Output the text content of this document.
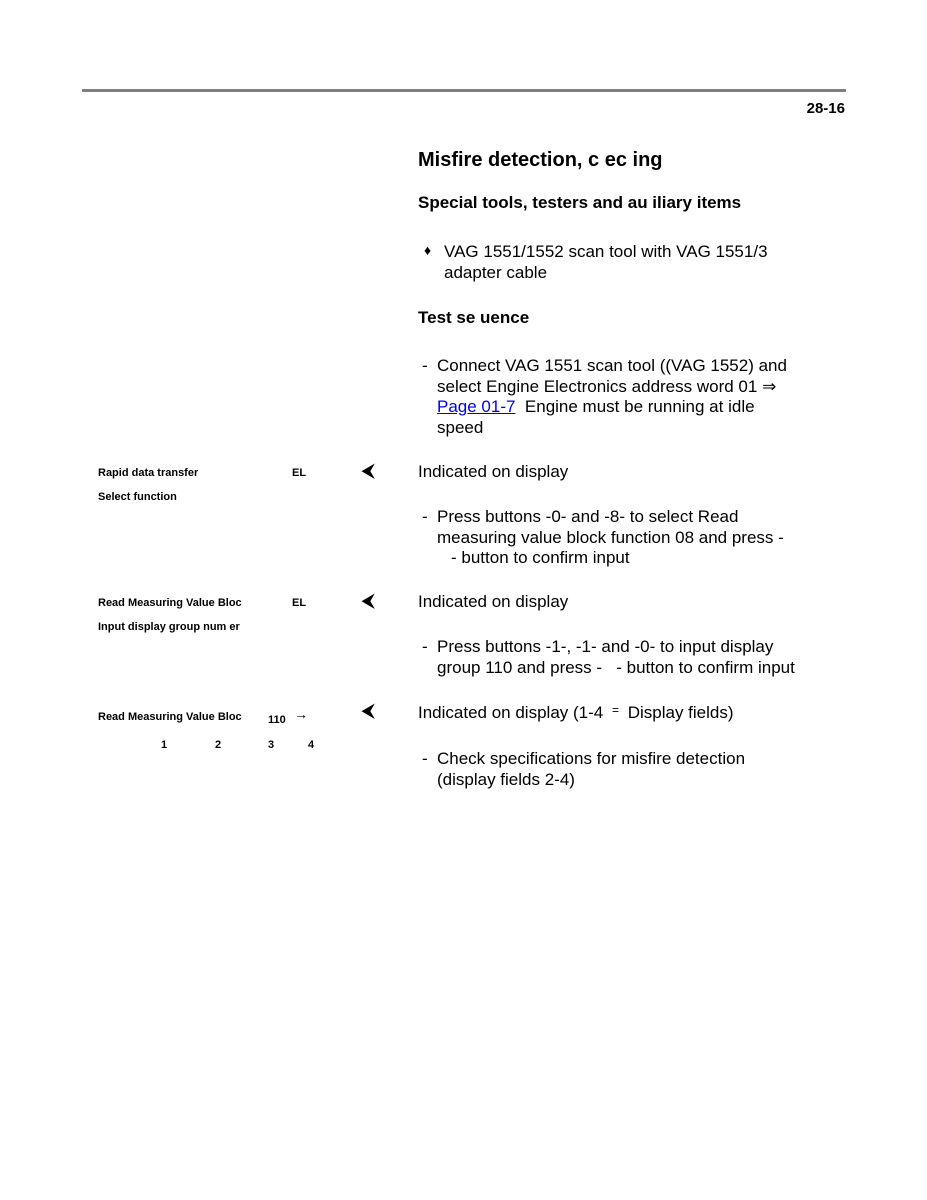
28-16
Misfire detection, c ec ing
Special tools, testers and au iliary items
♦ VAG 1551/1552 scan tool with VAG 1551/3
adapter cable
Test se uence
- Connect VAG 1551 scan tool ((VAG 1552) and
select Engine Electronics address word 01 ⇒
Page 01-7  Engine must be running at idle
speed
Rapid data transfer	EL
Select function
⮜	Indicated on display
- Press buttons -0- and -8- to select Read
measuring value block function 08 and press -
- button to confirm input
Read Measuring Value Bloc	EL
Input display group num er
⮜	Indicated on display
- Press buttons -1-, -1- and -0- to input display
group 110 and press -   - button to confirm input
Read Measuring Value Bloc 110 →
1	2	3	4
⮜	Indicated on display (1-4 = Display fields)
- Check specifications for misfire detection
(display fields 2-4)
